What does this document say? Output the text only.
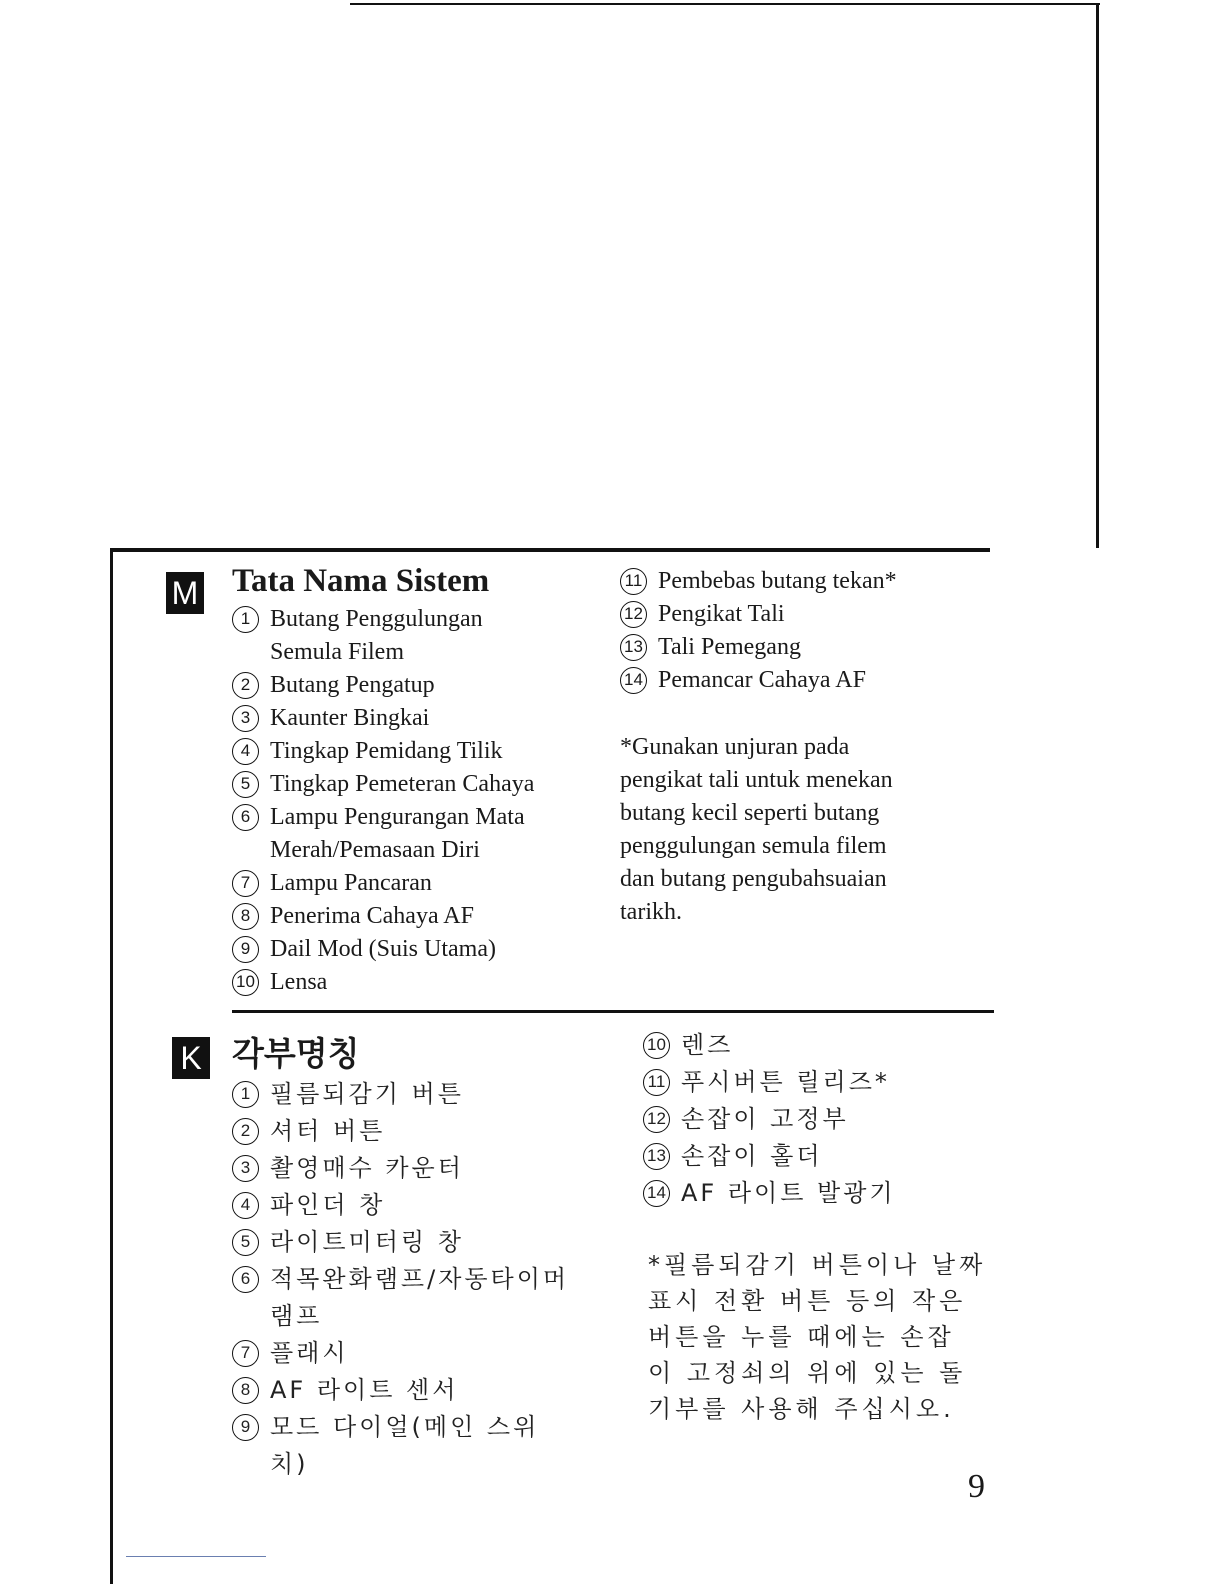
M Tata Nama Sistem
1 Butang Penggulungan
Semula Filem
2 Butang Pengatup
3 Kaunter Bingkai
4 Tingkap Pemidang Tilik
5 Tingkap Pemeteran Cahaya
6 Lampu Pengurangan Mata
Merah/Pemasaan Diri
7 Lampu Pancaran
8 Penerima Cahaya AF
9 Dail Mod (Suis Utama)
10 Lensa
11 Pembebas butang tekan*
12 Pengikat Tali
13 Tali Pemegang
14 Pemancar Cahaya AF

*Gunakan unjuran pada
pengikat tali untuk menekan
butang kecil seperti butang
penggulungan semula filem
dan butang pengubahsuaian
tarikh.

K 각부명칭
1 필름되감기 버튼
2 셔터 버튼
3 촬영매수 카운터
4 파인더 창
5 라이트미터링 창
6 적목완화램프/자동타이머
램프
7 플래시
8 AF 라이트 센서
9 모드 다이얼(메인 스위
치)
10 렌즈
11 푸시버튼 릴리즈*
12 손잡이 고정부
13 손잡이 홀더
14 AF 라이트 발광기

*필름되감기 버튼이나 날짜
표시 전환 버튼 등의 작은
버튼을 누를 때에는 손잡
이 고정쇠의 위에 있는 돌
기부를 사용해 주십시오.

9
